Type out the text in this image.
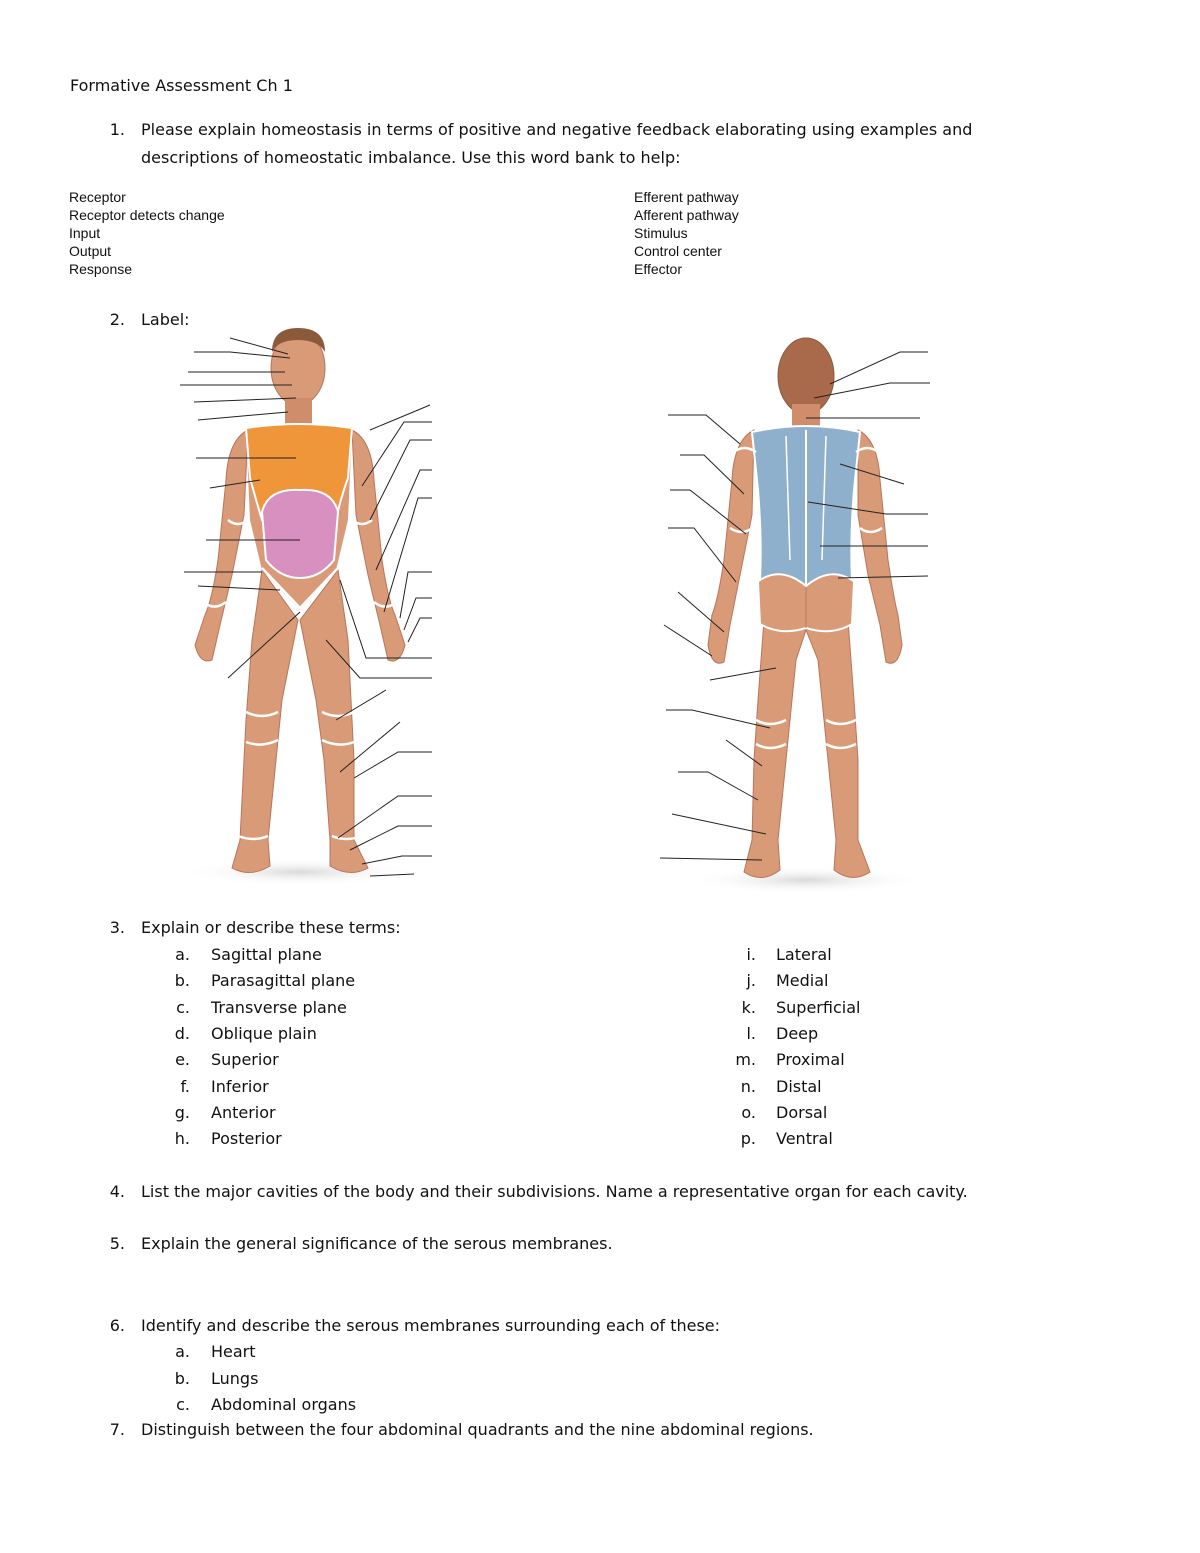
Formative Assessment Ch 1
1. Please explain homeostasis in terms of positive and negative feedback elaborating using examples and
descriptions of homeostatic imbalance. Use this word bank to help:
Receptor
Receptor detects change
Input
Output
Response
Efferent pathway
Afferent pathway
Stimulus
Control center
Effector
2. Label:
3. Explain or describe these terms:
a. Sagittal plane
b. Parasagittal plane
c. Transverse plane
d. Oblique plain
e. Superior
f. Inferior
g. Anterior
h. Posterior
i. Lateral
j. Medial
k. Superficial
l. Deep
m. Proximal
n. Distal
o. Dorsal
p. Ventral
4. List the major cavities of the body and their subdivisions. Name a representative organ for each cavity.
5. Explain the general significance of the serous membranes.
6. Identify and describe the serous membranes surrounding each of these:
a. Heart
b. Lungs
c. Abdominal organs
7. Distinguish between the four abdominal quadrants and the nine abdominal regions.
